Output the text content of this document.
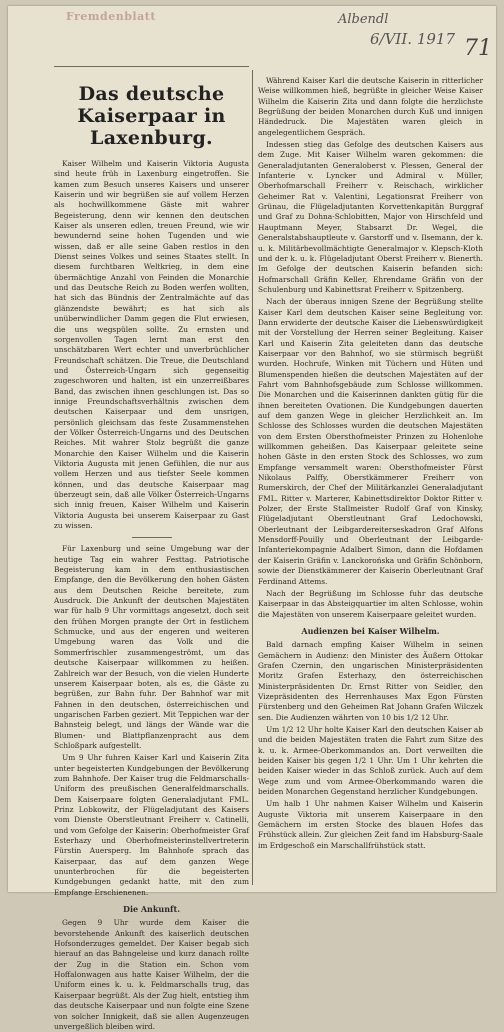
Fremdenblatt	Albendl
6/VII. 1917 71
Das deutsche Kaiserpaar in Laxenburg.

Kaiser Wilhelm und Kaiserin Viktoria Augusta sind heute früh in Laxenburg eingetroffen. Sie kamen zum Besuch unseres Kaisers und unserer Kaiserin und wir begrüßen sie auf vollem Herzen als hochwillkommene Gäste mit wahrer Begeisterung, denn wir kennen den deutschen Kaiser als unseren edlen, treuen Freund, wie wir bewundernd seine hohen Tugenden und wie wissen, daß er alle seine Gaben restlos in den Dienst seines Volkes und seines Staates stellt. In diesem furchtbaren Weltkrieg, in dem eine übermächtige Anzahl von Feinden die Monarchie und das Deutsche Reich zu Boden werfen wollten, hat sich das Bündnis der Zentralmächte auf das glänzendste bewährt; es hat sich als unüberwindlicher Damm gegen die Flut erwiesen, die uns wegspülen sollte. Zu ernsten und sorgenvollen Tagen lernt man erst den unschätzbaren Wert echter und unverbrüchlicher Freundschaft schätzen. Die Treue, die Deutschland und Österreich-Ungarn sich gegenseitig zugeschworen und halten, ist ein unzerreißbares Band, das zwischen ihnen geschlungen ist. Das so innige Freundschaftsverhältnis zwischen dem deutschen Kaiserpaar und dem unsrigen, persönlich gleichsam das feste Zusammenstehen der Völker Österreich-Ungarns und des Deutschen Reiches. Mit wahrer Stolz begrüßt die ganze Monarchie den Kaiser Wilhelm und die Kaiserin Viktoria Augusta mit jenen Gefühlen, die nur aus vollem Herzen und aus tiefster Seele kommen können, und das deutsche Kaiserpaar mag überzeugt sein, daß alle Völker Österreich-Ungarns sich innig freuen, Kaiser Wilhelm und Kaiserin Viktoria Augusta bei unserem Kaiserpaar zu Gast zu wissen.

Für Laxenburg und seine Umgebung war der heutige Tag ein wahrer Festtag. Patriotische Begeisterung kam in dem enthusiastischen Empfange, den die Bevölkerung den hohen Gästen aus dem Deutschen Reiche bereitete, zum Ausdruck. Die Ankunft der deutschen Majestäten war für halb 9 Uhr vormittags angesetzt, doch seit den frühen Morgen prangte der Ort in festlichem Schmucke, und aus der engeren und weiteren Umgebung waren das Volk und die Sommerfrischler zusammengeströmt, um das deutsche Kaiserpaar willkommen zu heißen. Zahlreich war der Besuch, von die vielen Hunderte unserem Kaiserpaar boten, als es, die Gäste zu begrüßen, zur Bahn fuhr. Der Bahnhof war mit Fahnen in den deutschen, österreichischen und ungarischen Farben geziert. Mit Teppichen war der Bahnsteig belegt, und längs der Wände war die Blumen- und Blattpflanzenpracht aus dem Schloßpark aufgestellt.

Um 9 Uhr fuhren Kaiser Karl und Kaiserin Zita unter begeisterten Kundgebungen der Bevölkerung zum Bahnhofe. Der Kaiser trug die Feldmarschalls-Uniform des preußischen Generalfeldmarschalls. Dem Kaiserpaare folgten Generaladjutant FML. Prinz Lobkowitz, der Flügeladjutant des Kaisers vom Dienste Oberstleutnant Freiherr v. Catinelli, und vom Gefolge der Kaiserin: Oberhofmeister Graf Esterhazy und Oberhofmeisterinstellvertreterin Fürstin Auersperg. Im Bahnhofe sprach das Kaiserpaar, das auf dem ganzen Wege ununterbrochen für die begeisterten Kundgebungen gedankt hatte, mit den zum Empfange Erschienenen.

Die Ankunft.

Gegen 9 Uhr wurde dem Kaiser die bevorstehende Ankunft des kaiserlich deutschen Hofsonderzuges gemeldet. Der Kaiser begab sich hierauf an das Bahngeleise und kurz danach rollte der Zug in die Station ein. Schon vom Hoffalonwagen aus hatte Kaiser Wilhelm, der die Uniform eines k. u. k. Feldmarschalls trug, das Kaiserpaar begrüßt. Als der Zug hielt, entstieg ihm das deutsche Kaiserpaar und nun folgte eine Szene von solcher Innigkeit, daß sie allen Augenzeugen unvergeßlich bleiben wird.

Während Kaiser Karl die deutsche Kaiserin in ritterlicher Weise willkommen hieß, begrüßte in gleicher Weise Kaiser Wilhelm die Kaiserin Zita und dann folgte die herzlichste Begrüßung der beiden Monarchen durch Kuß und innigen Händedruck. Die Majestäten waren gleich in angelegentlichem Gespräch.

Indessen stieg das Gefolge des deutschen Kaisers aus dem Zuge. Mit Kaiser Wilhelm waren gekommen: die Generaladjutanten Generaloberst v. Plessen, General der Infanterie v. Lyncker und Admiral v. Müller, Oberhofmarschall Freiherr v. Reischach, wirklicher Geheimer Rat v. Valentini, Legationsrat Freiherr von Grünau, die Flügeladjutanten Korvettenkapitän Burggraf und Graf zu Dohna-Schlobitten, Major von Hirschfeld und Hauptmann Meyer, Stabsarzt Dr. Wegel, die Generalstabshauptleute v. Garstorff und v. Ilsemann, der k. u. k. Militärbevollmächtigte Generalmajor v. Klepsch-Kloth und der k. u. k. Flügeladjutant Oberst Freiherr v. Bienerth. Im Gefolge der deutschen Kaiserin befanden sich: Hofmarschall Gräfin Keller, Ehrendame Gräfin von der Schulenburg und Kabinettsrat Freiherr v. Spitzenberg.

Nach der überaus innigen Szene der Begrüßung stellte Kaiser Karl dem deutschen Kaiser seine Begleitung vor. Dann erwiderte der deutsche Kaiser die Liebenswürdigkeit mit der Vorstellung der Herren seiner Begleitung. Kaiser Karl und Kaiserin Zita geleiteten dann das deutsche Kaiserpaar vor den Bahnhof, wo sie stürmisch begrüßt wurden. Hochrufe, Winken mit Tüchern und Hüten und Blumenspenden hießen die deutschen Majestäten auf der Fahrt vom Bahnhofsgebäude zum Schlosse willkommen. Die Monarchen und die Kaiserinnen dankten gütig für die ihnen bereiteten Ovationen. Die Kundgebungen dauerten auf dem ganzen Wege in gleicher Herzlichkeit an. Im Schlosse des Schlosses wurden die deutschen Majestäten von dem Ersten Obersthofmeister Prinzen zu Hohenlohe willkommen geheißen. Das Kaiserpaar geleitete seine hohen Gäste in den ersten Stock des Schlosses, wo zum Empfange versammelt waren: Obersthofmeister Fürst Nikolaus Palffy, Oberstkämmerer Freiherr von Rumerskirch, der Chef der Militärkanzlei Generaladjutant FML. Ritter v. Marterer, Kabinettsdirektor Doktor Ritter v. Polzer, der Erste Stallmeister Rudolf Graf von Kinsky, Flügeladjutant Oberstleutnant Graf Ledochowski, Oberleutnant der Leibgardereiterseskadron Graf Alfons Mensdorff-Pouilly und Oberleutnant der Leibgarde-Infanteriekompagnie Adalbert Simon, dann die Hofdamen der Kaiserin Gräfin v. Lanckorońska und Gräfin Schönborn, sowie der Dienstkämmerer der Kaiserin Oberleutnant Graf Ferdinand Attems.

Nach der Begrüßung im Schlosse fuhr das deutsche Kaiserpaar in das Absteigquartier im alten Schlosse, wohin die Majestäten von unserem Kaiserpaare geleitet wurden.

Audienzen bei Kaiser Wilhelm.

Bald darnach empfing Kaiser Wilhelm in seinen Gemächern in Audienz: den Minister des Äußern Ottokar Grafen Czernin, den ungarischen Ministerpräsidenten Moritz Grafen Esterhazy, den österreichischen Ministerpräsidenten Dr. Ernst Ritter von Seidler, den Vizepräsidenten des Herrenhauses Max Egon Fürsten Fürstenberg und den Geheimen Rat Johann Grafen Wilczek sen. Die Audienzen währten von 10 bis 1/2 12 Uhr.

Um 1/2 12 Uhr holte Kaiser Karl den deutschen Kaiser ab und die beiden Majestäten traten die Fahrt zum Sitze des k. u. k. Armee-Oberkommandos an. Dort verweilten die beiden Kaiser bis gegen 1/2 1 Uhr. Um 1 Uhr kehrten die beiden Kaiser wieder in das Schloß zurück. Auch auf dem Wege zum und vom Armee-Oberkommando waren die beiden Monarchen Gegenstand herzlicher Kundgebungen.

Um halb 1 Uhr nahmen Kaiser Wilhelm und Kaiserin Auguste Viktoria mit unserem Kaiserpaare in den Gemächern im ersten Stocke des blauen Hofes das Frühstück allein. Zur gleichen Zeit fand im Habsburg-Saale im Erdgeschoß ein Marschallfrühstück statt.
